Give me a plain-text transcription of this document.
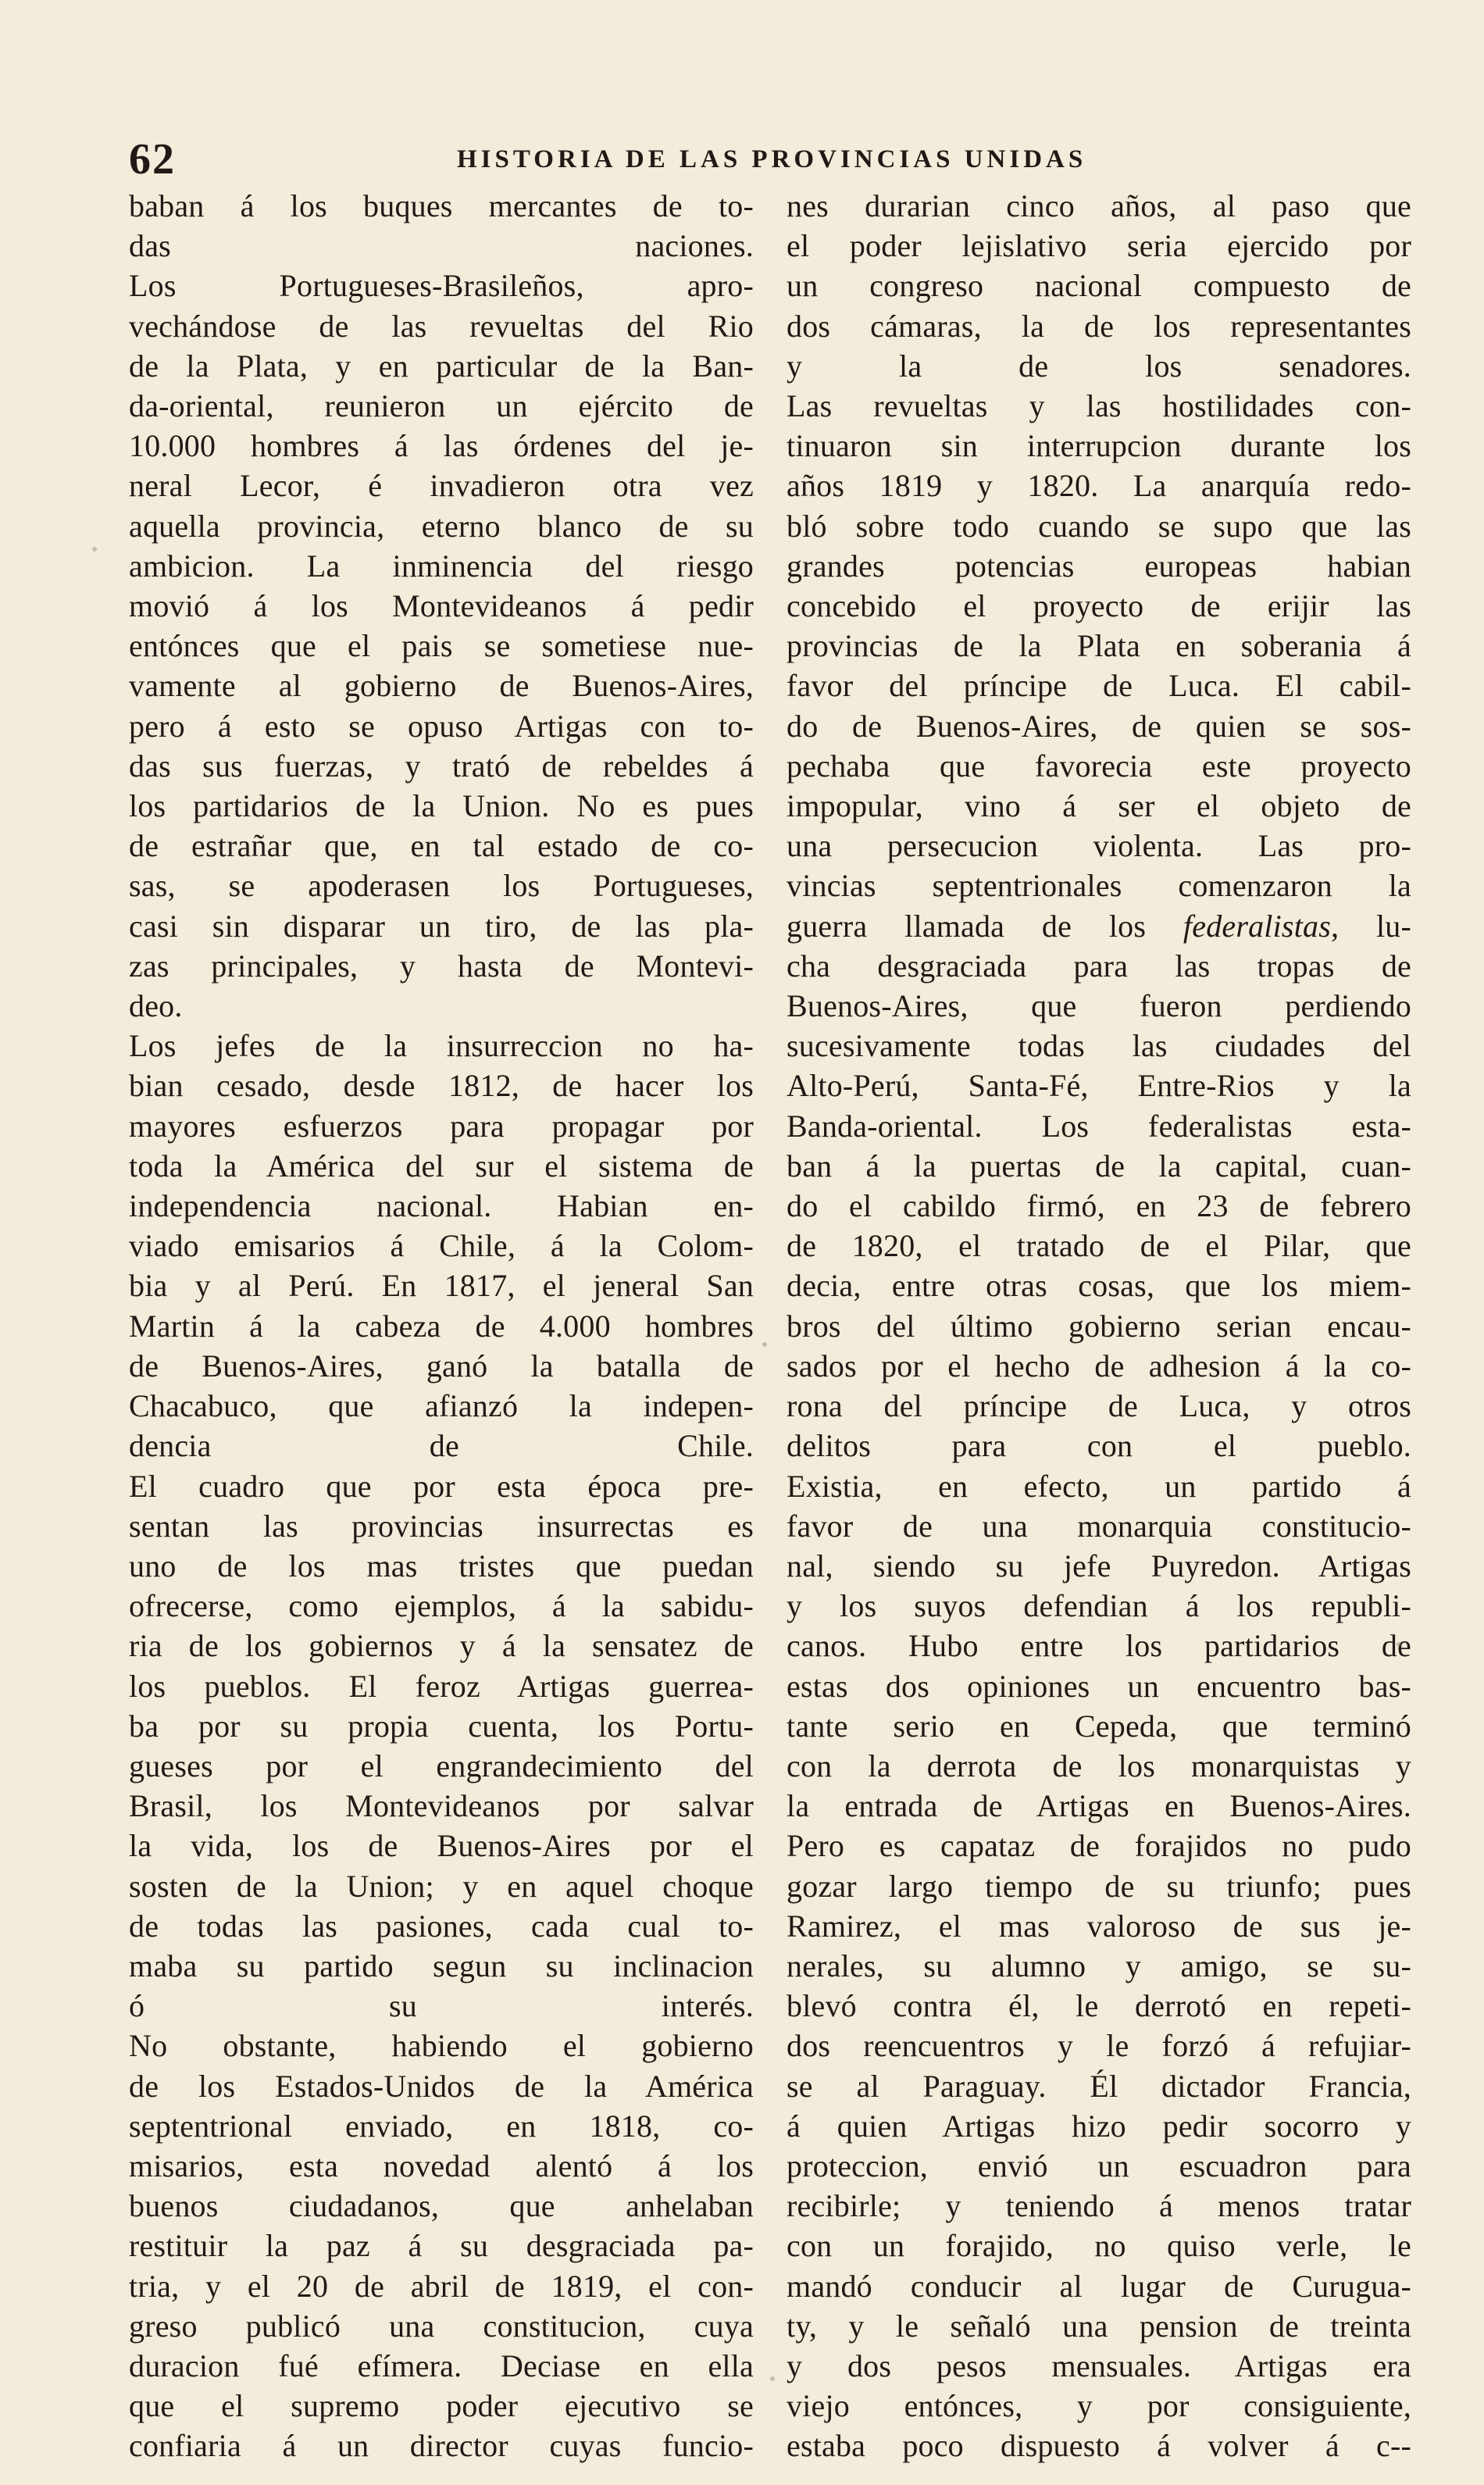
62	HISTORIA DE LAS PROVINCIAS UNIDAS

baban á los buques mercantes de to-
das naciones.

Los Portugueses-Brasileños, apro-
vechándose de las revueltas del Rio
de la Plata, y en particular de la Ban-
da-oriental, reunieron un ejército de
10.000 hombres á las órdenes del je-
neral Lecor, é invadieron otra vez
aquella provincia, eterno blanco de su
ambicion. La inminencia del riesgo
movió á los Montevideanos á pedir
entónces que el pais se sometiese nue-
vamente al gobierno de Buenos-Aires,
pero á esto se opuso Artigas con to-
das sus fuerzas, y trató de rebeldes á
los partidarios de la Union. No es pues
de estrañar que, en tal estado de co-
sas, se apoderasen los Portugueses,
casi sin disparar un tiro, de las pla-
zas principales, y hasta de Montevi-
deo.

Los jefes de la insurreccion no ha-
bian cesado, desde 1812, de hacer los
mayores esfuerzos para propagar por
toda la América del sur el sistema de
independencia nacional. Habian en-
viado emisarios á Chile, á la Colom-
bia y al Perú. En 1817, el jeneral San
Martin á la cabeza de 4.000 hombres
de Buenos-Aires, ganó la batalla de
Chacabuco, que afianzó la indepen-
dencia de Chile.

El cuadro que por esta época pre-
sentan las provincias insurrectas es
uno de los mas tristes que puedan
ofrecerse, como ejemplos, á la sabidu-
ria de los gobiernos y á la sensatez de
los pueblos. El feroz Artigas guerrea-
ba por su propia cuenta, los Portu-
gueses por el engrandecimiento del
Brasil, los Montevideanos por salvar
la vida, los de Buenos-Aires por el
sosten de la Union; y en aquel choque
de todas las pasiones, cada cual to-
maba su partido segun su inclinacion
ó su interés.

No obstante, habiendo el gobierno
de los Estados-Unidos de la América
septentrional enviado, en 1818, co-
misarios, esta novedad alentó á los
buenos ciudadanos, que anhelaban
restituir la paz á su desgraciada pa-
tria, y el 20 de abril de 1819, el con-
greso publicó una constitucion, cuya
duracion fué efímera. Deciase en ella
que el supremo poder ejecutivo se
confiaria á un director cuyas funcio-

nes durarian cinco años, al paso que
el poder lejislativo seria ejercido por
un congreso nacional compuesto de
dos cámaras, la de los representantes
y la de los senadores.

Las revueltas y las hostilidades con-
tinuaron sin interrupcion durante los
años 1819 y 1820. La anarquía redo-
bló sobre todo cuando se supo que las
grandes potencias europeas habian
concebido el proyecto de erijir las
provincias de la Plata en soberania á
favor del príncipe de Luca. El cabil-
do de Buenos-Aires, de quien se sos-
pechaba que favorecia este proyecto
impopular, vino á ser el objeto de
una persecucion violenta. Las pro-
vincias septentrionales comenzaron la
guerra llamada de los federalistas, lu-
cha desgraciada para las tropas de
Buenos-Aires, que fueron perdiendo
sucesivamente todas las ciudades del
Alto-Perú, Santa-Fé, Entre-Rios y la
Banda-oriental. Los federalistas esta-
ban á la puertas de la capital, cuan-
do el cabildo firmó, en 23 de febrero
de 1820, el tratado de el Pilar, que
decia, entre otras cosas, que los miem-
bros del último gobierno serian encau-
sados por el hecho de adhesion á la co-
rona del príncipe de Luca, y otros
delitos para con el pueblo.

Existia, en efecto, un partido á
favor de una monarquia constitucio-
nal, siendo su jefe Puyredon. Artigas
y los suyos defendian á los republi-
canos. Hubo entre los partidarios de
estas dos opiniones un encuentro bas-
tante serio en Cepeda, que terminó
con la derrota de los monarquistas y
la entrada de Artigas en Buenos-Aires.
Pero es capataz de forajidos no pudo
gozar largo tiempo de su triunfo; pues
Ramirez, el mas valoroso de sus je-
nerales, su alumno y amigo, se su-
blevó contra él, le derrotó en repeti-
dos reencuentros y le forzó á refujiar-
se al Paraguay. Él dictador Francia,
á quien Artigas hizo pedir socorro y
proteccion, envió un escuadron para
recibirle; y teniendo á menos tratar
con un forajido, no quiso verle, le
mandó conducir al lugar de Curugua-
ty, y le señaló una pension de treinta
y dos pesos mensuales. Artigas era
viejo entónces, y por consiguiente,
estaba poco dispuesto á volver á c--
